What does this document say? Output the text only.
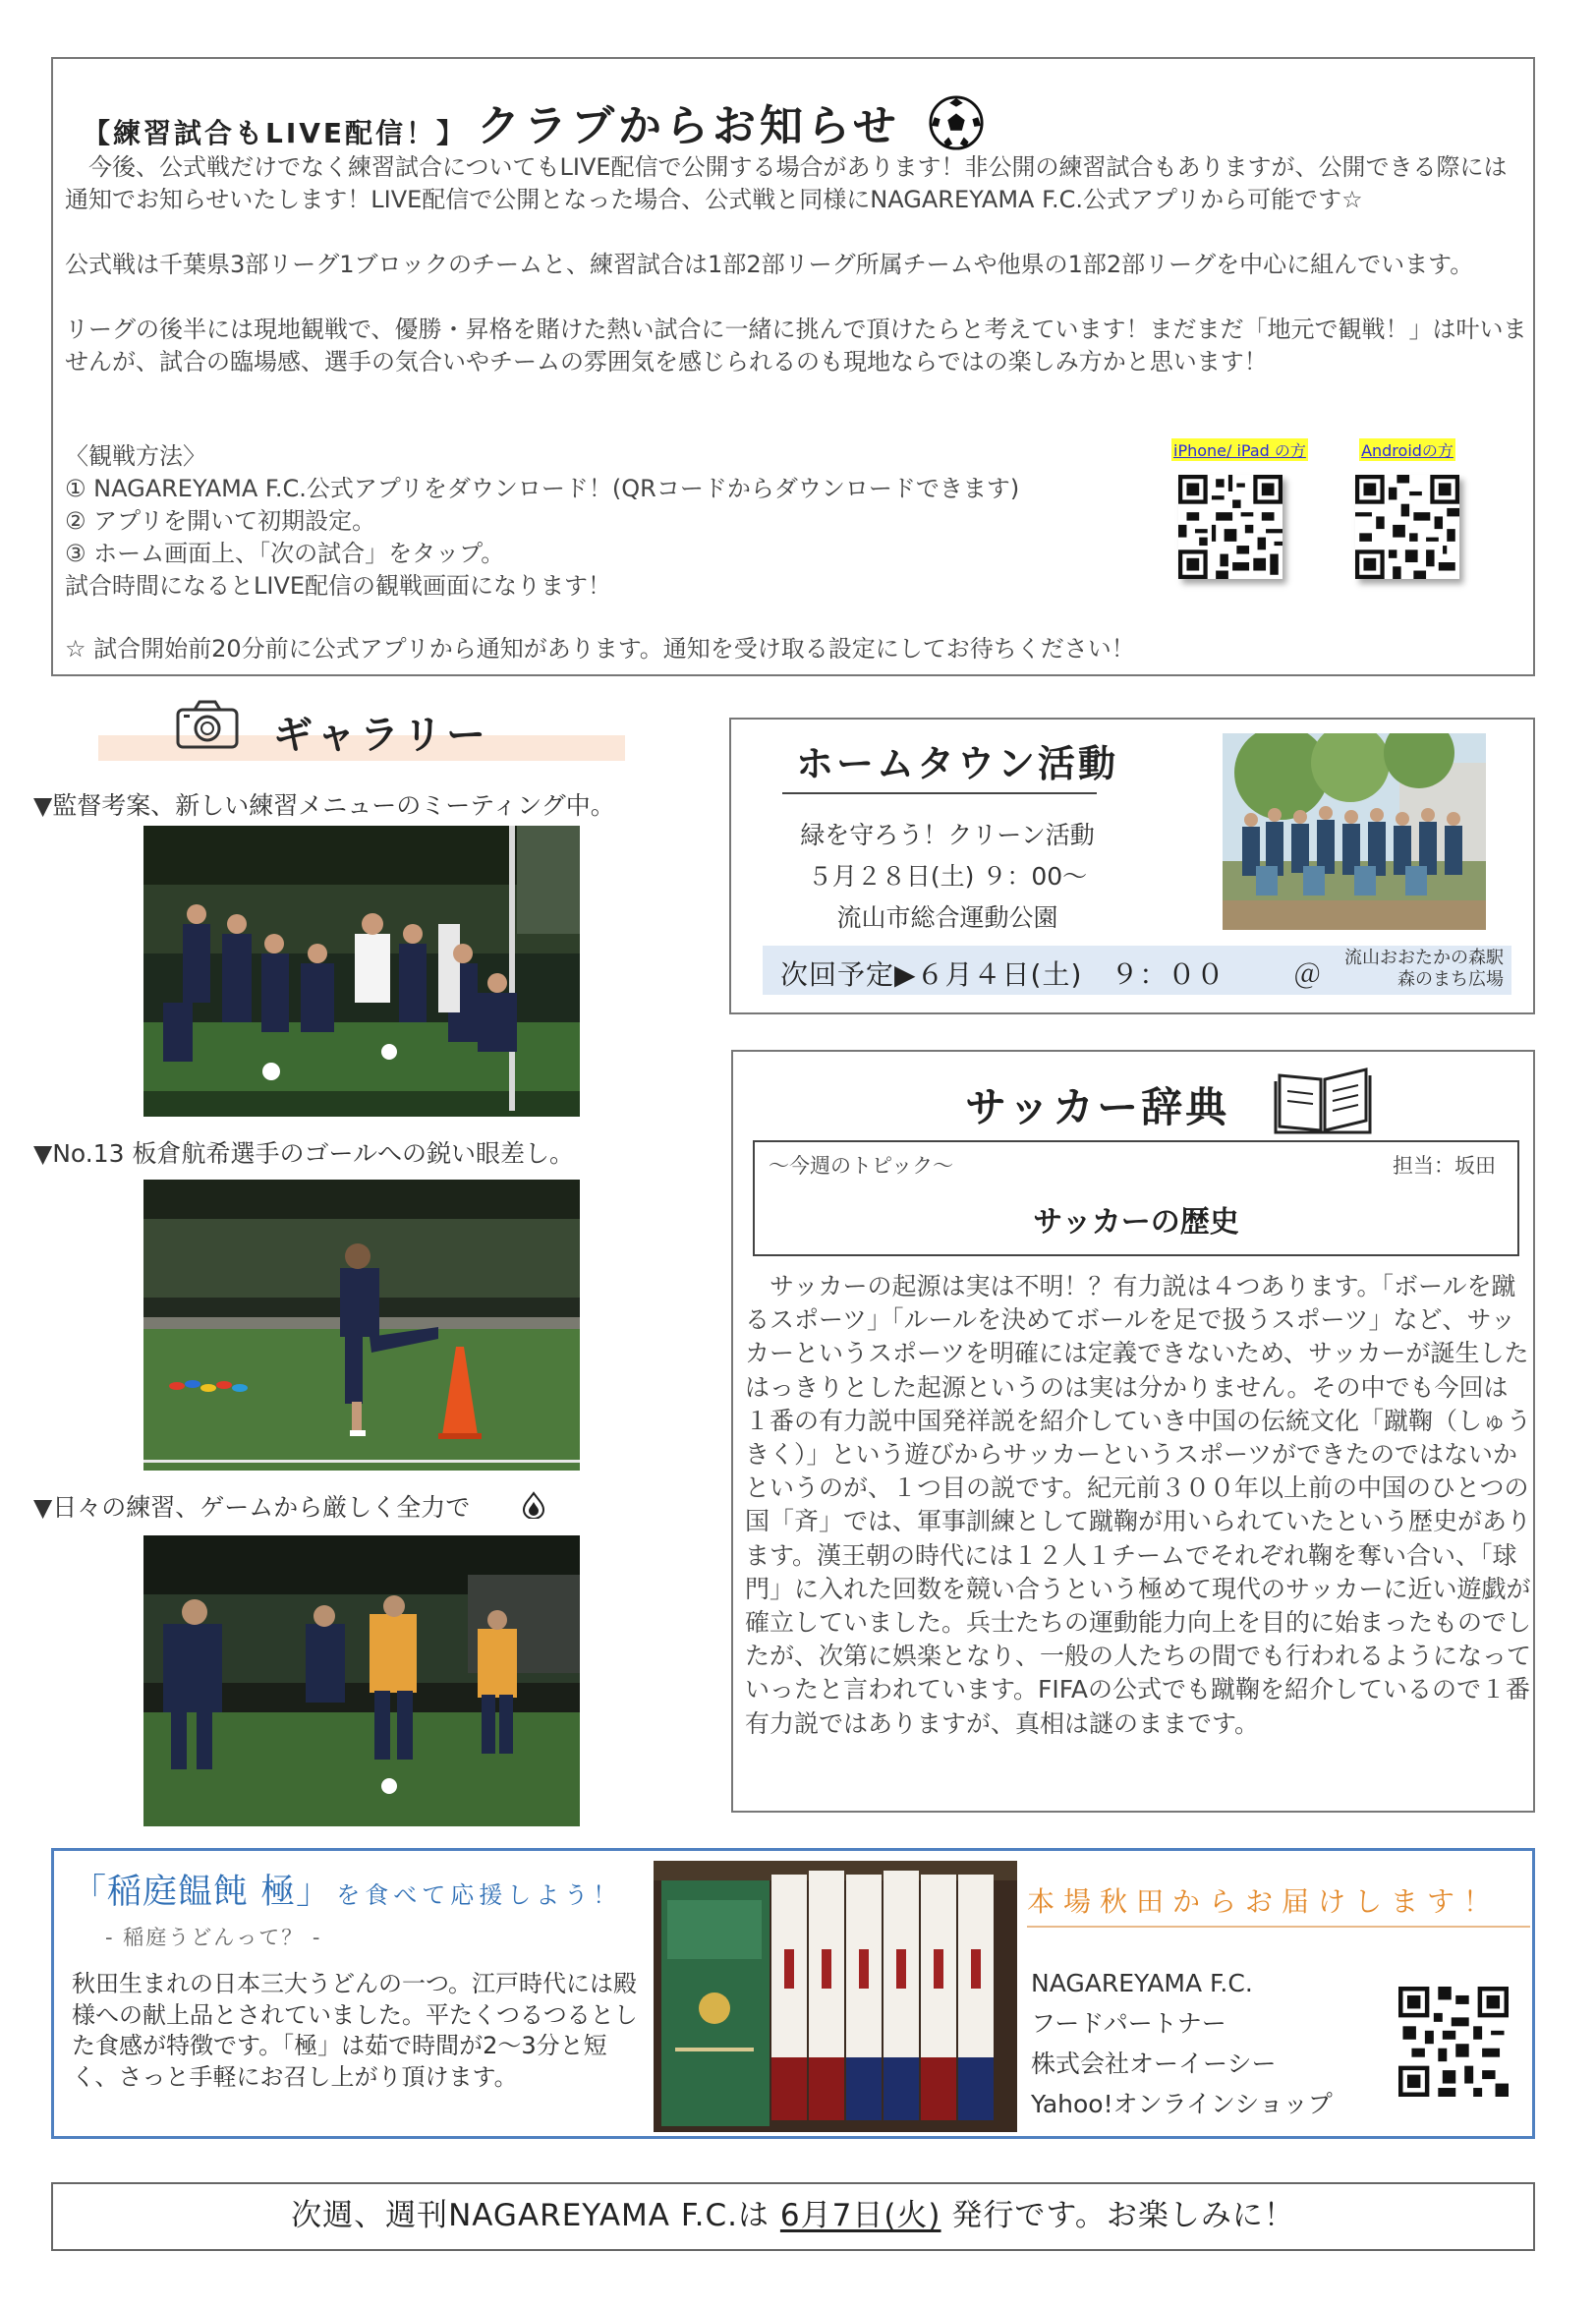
【練習試合もLIVE配信！】 クラブからお知らせ

　今後、公式戦だけでなく練習試合についてもLIVE配信で公開する場合があります！非公開の練習試合もありますが、公開できる際には通知でお知らせいたします！LIVE配信で公開となった場合、公式戦と同様にNAGAREYAMA F.C.公式アプリから可能です☆

公式戦は千葉県3部リーグ1ブロックのチームと、練習試合は1部2部リーグ所属チームや他県の1部2部リーグを中心に組んでいます。

リーグの後半には現地観戦で、優勝・昇格を賭けた熱い試合に一緒に挑んで頂けたらと考えています！まだまだ「地元で観戦！」は叶いませんが、試合の臨場感、選手の気合いやチームの雰囲気を感じられるのも現地ならではの楽しみ方かと思います！

〈観戦方法〉

① NAGAREYAMA F.C.公式アプリをダウンロード！(QRコードからダウンロードできます)

② アプリを開いて初期設定。

③ ホーム画面上、「次の試合」をタップ。

試合時間になるとLIVE配信の観戦画面になります！

☆ 試合開始前20分前に公式アプリから通知があります。通知を受け取る設定にしてお待ちください！

iPhone/ iPad の方	Androidの方
ギャラリー
▼監督考案、新しい練習メニューのミーティング中。
▼No.13 板倉航希選手のゴールへの鋭い眼差し。
▼日々の練習、ゲームから厳しく全力で
ホームタウン活動
緑を守ろう！クリーン活動
５月２８日(土) ９：00～
流山市総合運動公園
次回予定▶６月４日(土)　９：００ ＠
流山おおたかの森駅
森のまち広場
サッカー辞典
～今週のトピック～	担当：坂田
サッカーの歴史

　サッカーの起源は実は不明！？有力説は４つあります。「ボールを蹴るスポーツ」「ルールを決めてボールを足で扱うスポーツ」など、サッカーというスポーツを明確には定義できないため、サッカーが誕生したはっきりとした起源というのは実は分かりません。その中でも今回は１番の有力説中国発祥説を紹介していき中国の伝統文化「蹴鞠（しゅうきく）」という遊びからサッカーというスポーツができたのではないかというのが、１つ目の説です。紀元前３００年以上前の中国のひとつの国「斉」では、軍事訓練として蹴鞠が用いられていたという歴史があります。漢王朝の時代には１２人１チームでそれぞれ鞠を奪い合い、「球門」に入れた回数を競い合うという極めて現代のサッカーに近い遊戯が確立していました。兵士たちの運動能力向上を目的に始まったものでしたが、次第に娯楽となり、一般の人たちの間でも行われるようになっていったと言われています。FIFAの公式でも蹴鞠を紹介しているので１番有力説ではありますが、真相は謎のままです。

「稲庭饂飩 極」 を食べて応援しよう！
- 稲庭うどんって？ -

秋田生まれの日本三大うどんの一つ。江戸時代には殿様への献上品とされていました。平たくつるつるとした食感が特徴です。「極」は茹で時間が2～3分と短く、さっと手軽にお召し上がり頂けます。

本場秋田からお届けします！
NAGAREYAMA F.C.
フードパートナー
株式会社オーイーシー
Yahoo!オンラインショップ
次週、週刊NAGAREYAMA F.C.は 6月7日(火) 発行です。お楽しみに！
